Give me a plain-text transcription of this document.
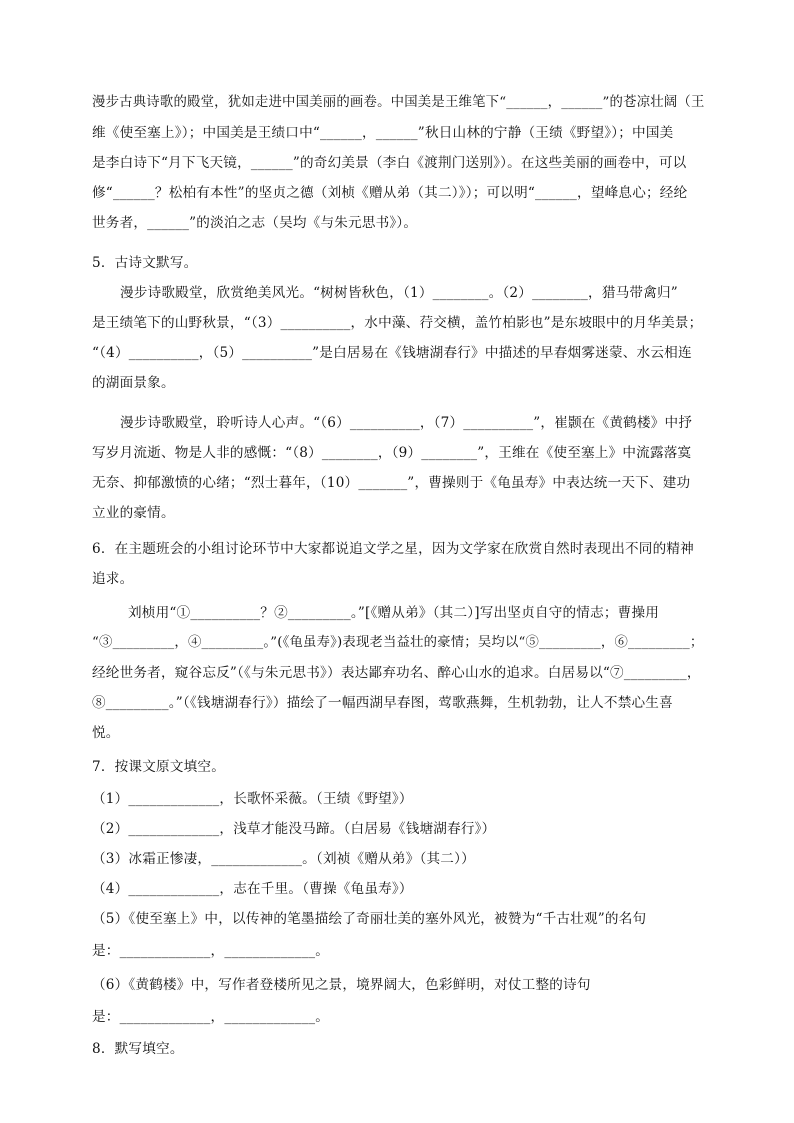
漫步古典诗歌的殿堂，犹如走进中国美丽的画卷。中国美是王维笔下“______，______”的苍凉壮阔（王
维《使至塞上》）；中国美是王绩口中“______，______”秋日山林的宁静（王绩《野望》）；中国美
是李白诗下“月下飞天镜，______”的奇幻美景（李白《渡荆门送别》）。在这些美丽的画卷中，可以
修“______？松柏有本性”的坚贞之德（刘桢《赠从弟（其二）》）；可以明“______，望峰息心；经纶
世务者，______”的淡泊之志（吴均《与朱元思书》）。
5．古诗文默写。
漫步诗歌殿堂，欣赏绝美风光。“树树皆秋色，（1）________。（2）________，猎马带禽归”
是王绩笔下的山野秋景，“（3）__________，水中藻、荇交横，盖竹柏影也”是东坡眼中的月华美景；
“（4）__________，（5）__________”是白居易在《钱塘湖春行》中描述的早春烟雾迷蒙、水云相连
的湖面景象。
漫步诗歌殿堂，聆听诗人心声。“（6）__________，（7）__________”，崔颢在《黄鹤楼》中抒
写岁月流逝、物是人非的感慨：“（8）________，（9）________”，王维在《使至塞上》中流露落寞
无奈、抑郁激愤的心绪；“烈士暮年，（10）_______”，曹操则于《龟虽寿》中表达统一天下、建功
立业的豪情。
6．在主题班会的小组讨论环节中大家都说追文学之星，因为文学家在欣赏自然时表现出不同的精神
追求。
刘桢用“①__________？②_________。”[《赠从弟》（其二）]写出坚贞自守的情志；曹操用
“③_________，④_________。”(《龟虽寿》)表现老当益壮的豪情；吴均以“⑤_________，⑥_________；
经纶世务者，窥谷忘反”（《与朱元思书》）表达鄙弃功名、醉心山水的追求。白居易以“⑦_________，
⑧_________。”（《钱塘湖春行》）描绘了一幅西湖早春图，莺歌燕舞，生机勃勃，让人不禁心生喜
悦。
7．按课文原文填空。
（1）_____________，长歌怀采薇。（王绩《野望》）
（2）_____________，浅草才能没马蹄。（白居易《钱塘湖春行》）
（3）冰霜正惨凄，_____________。（刘祯《赠从弟》（其二））
（4）_____________，志在千里。（曹操《龟虽寿》）
（5）《使至塞上》中，以传神的笔墨描绘了奇丽壮美的塞外风光，被赞为“千古壮观”的名句
是：_____________，_____________。
（6）《黄鹤楼》中，写作者登楼所见之景，境界阔大，色彩鲜明，对仗工整的诗句
是：_____________，_____________。
8．默写填空。
